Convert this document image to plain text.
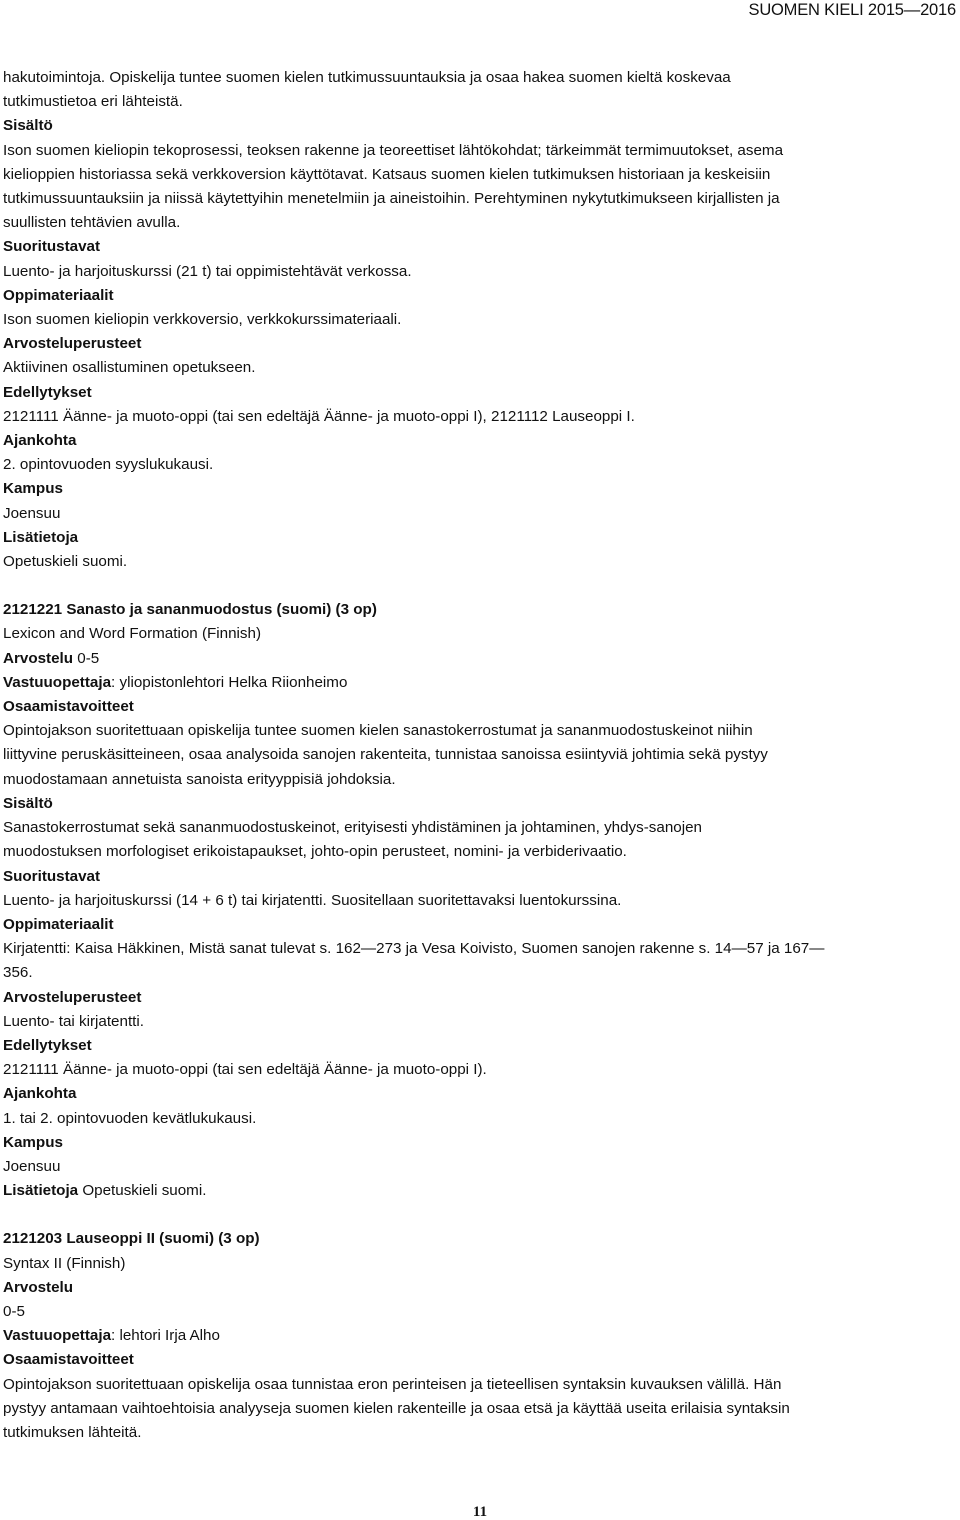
SUOMEN KIELI 2015—2016
hakutoimintoja. Opiskelija tuntee suomen kielen tutkimussuuntauksia ja osaa hakea suomen kieltä koskevaa
tutkimustietoa eri lähteistä.
Sisältö
Ison suomen kieliopin tekoprosessi, teoksen rakenne ja teoreettiset lähtökohdat; tärkeimmät termimuutokset, asema
kielioppien historiassa sekä verkkoversion käyttötavat. Katsaus suomen kielen tutkimuksen historiaan ja keskeisiin
tutkimussuuntauksiin ja niissä käytettyihin menetelmiin ja aineistoihin. Perehtyminen nykytutkimukseen kirjallisten ja
suullisten tehtävien avulla.
Suoritustavat
Luento- ja harjoituskurssi (21 t) tai oppimistehtävät verkossa.
Oppimateriaalit
Ison suomen kieliopin verkkoversio, verkkokurssimateriaali.
Arvosteluperusteet
Aktiivinen osallistuminen opetukseen.
Edellytykset
2121111 Äänne- ja muoto-oppi (tai sen edeltäjä Äänne- ja muoto-oppi I), 2121112 Lauseoppi I.
Ajankohta
2. opintovuoden syyslukukausi.
Kampus
Joensuu
Lisätietoja
Opetuskieli suomi.
2121221 Sanasto ja sananmuodostus (suomi) (3 op)
Lexicon and Word Formation (Finnish)
Arvostelu 0-5
Vastuuopettaja: yliopistonlehtori Helka Riionheimo
Osaamistavoitteet
Opintojakson suoritettuaan opiskelija tuntee suomen kielen sanastokerrostumat ja sananmuodostuskeinot niihin
liittyvine peruskäsitteineen, osaa analysoida sanojen rakenteita, tunnistaa sanoissa esiintyviä johtimia sekä pystyy
muodostamaan annetuista sanoista erityyppisiä johdoksia.
Sisältö
Sanastokerrostumat sekä sananmuodostuskeinot, erityisesti yhdistäminen ja johtaminen, yhdys-sanojen
muodostuksen morfologiset erikoistapaukset, johto-opin perusteet, nomini- ja verbiderivaatio.
Suoritustavat
Luento- ja harjoituskurssi (14 + 6 t) tai kirjatentti. Suositellaan suoritettavaksi luentokurssina.
Oppimateriaalit
Kirjatentti: Kaisa Häkkinen, Mistä sanat tulevat s. 162—273 ja Vesa Koivisto, Suomen sanojen rakenne s. 14—57 ja 167—
356.
Arvosteluperusteet
Luento- tai kirjatentti.
Edellytykset
2121111 Äänne- ja muoto-oppi (tai sen edeltäjä Äänne- ja muoto-oppi I).
Ajankohta
1. tai 2. opintovuoden kevätlukukausi.
Kampus
Joensuu
Lisätietoja Opetuskieli suomi.
2121203 Lauseoppi II (suomi) (3 op)
Syntax II (Finnish)
Arvostelu
0-5
Vastuuopettaja: lehtori Irja Alho
Osaamistavoitteet
Opintojakson suoritettuaan opiskelija osaa tunnistaa eron perinteisen ja tieteellisen syntaksin kuvauksen välillä. Hän
pystyy antamaan vaihtoehtoisia analyyseja suomen kielen rakenteille ja osaa etsä ja käyttää useita erilaisia syntaksin
tutkimuksen lähteitä.
11
